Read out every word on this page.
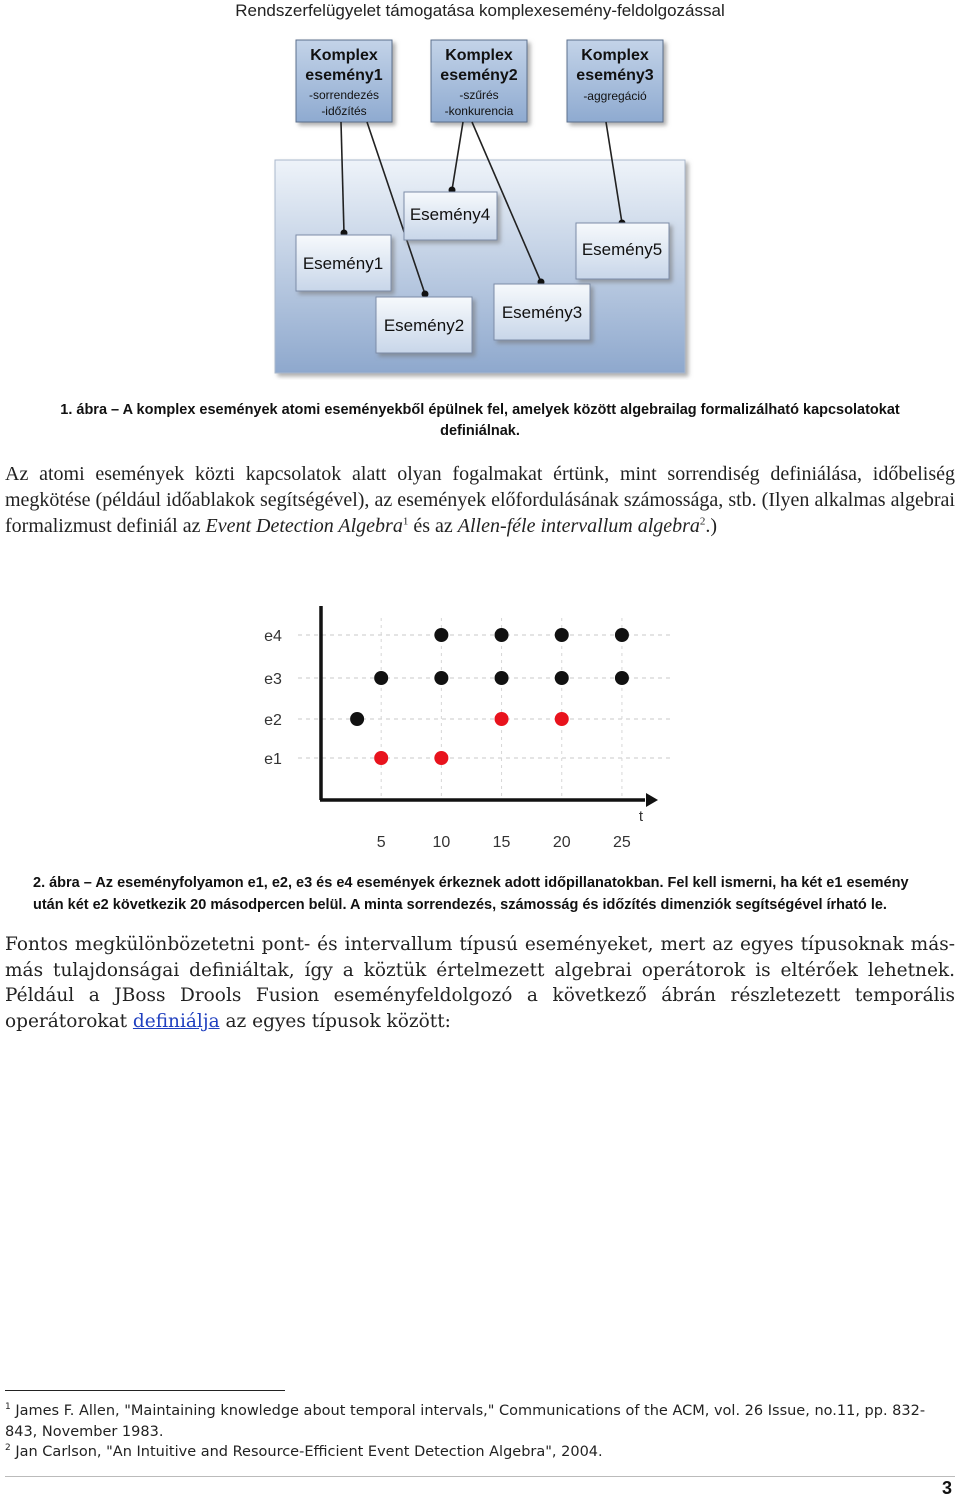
Rendszerfelügyelet támogatása komplexesemény-feldolgozással
Komplex
esemény1
-sorrendezés
-időzítés
Komplex
esemény2
-szűrés
-konkurencia
Komplex
esemény3
-aggregáció
Esemény1
Esemény2
Esemény3
Esemény4
Esemény5
1. ábra – A komplex események atomi eseményekből épülnek fel, amelyek között algebrailag formalizálható kapcsolatokat
definiálnak.
Az atomi események közti kapcsolatok alatt olyan fogalmakat értünk, mint sorrendiség definiálása, időbeliség megkötése (például időablakok segítségével), az események előfordulásának számossága, stb. (Ilyen alkalmas algebrai formalizmust definiál az Event Detection Algebra$^1$ és az Allen-féle intervallum algebra$^2$.)
e1
e2
e3
e4
5	10	15	20	25
t
2. ábra – Az eseményfolyamon e1, e2, e3 és e4 események érkeznek adott időpillanatokban. Fel kell ismerni, ha két e1 esemény
után két e2 következik 20 másodpercen belül. A minta sorrendezés, számosság és időzítés dimenziók segítségével írható le.
Fontos megkülönbözetetni pont- és intervallum típusú eseményeket, mert az egyes típusoknak más- más tulajdonságai definiáltak, így a köztük értelmezett algebrai operátorok is eltérőek lehetnek. Például a JBoss Drools Fusion eseményfeldolgozó a következő ábrán részletezett temporális operátorokat definiálja az egyes típusok között:
$^1$ James F. Allen, "Maintaining knowledge about temporal intervals," Communications of the ACM, vol. 26 Issue, no.11, pp. 832-
843, November 1983.
$^2$ Jan Carlson, "An Intuitive and Resource-Efficient Event Detection Algebra", 2004.
3
